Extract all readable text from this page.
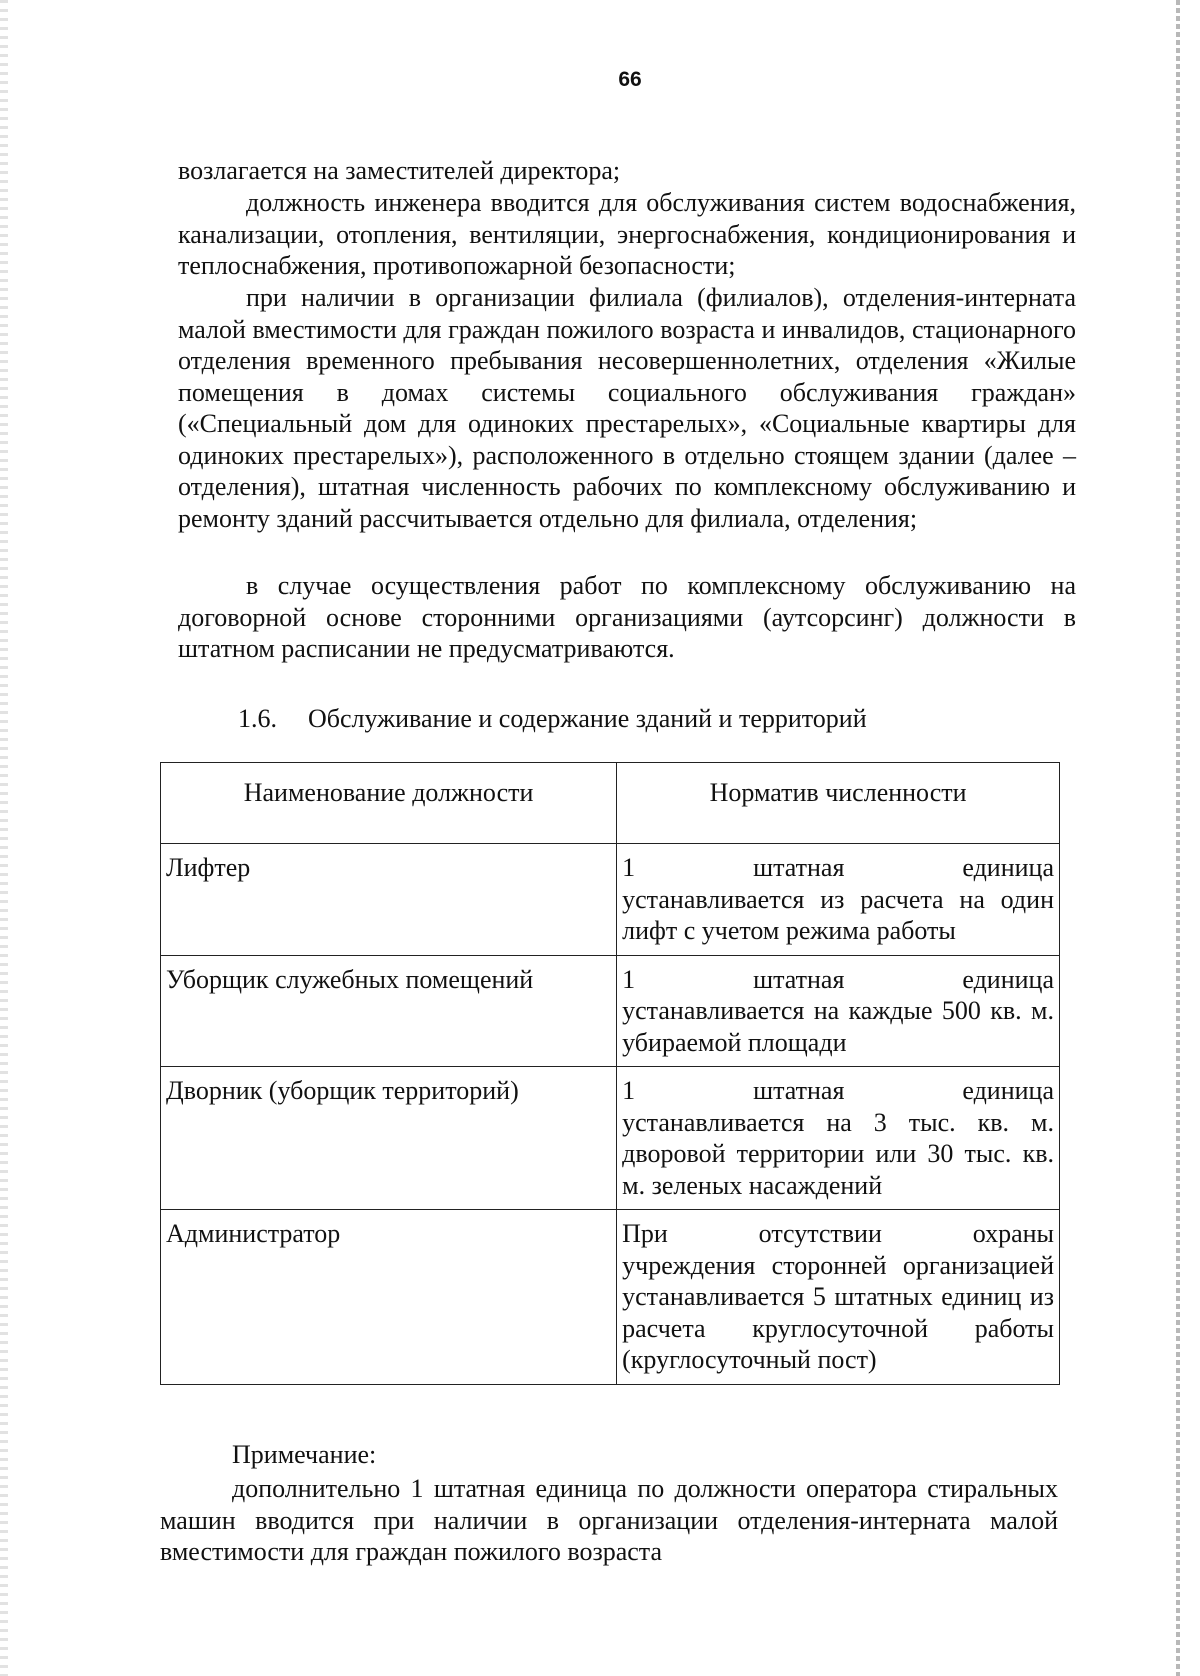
66

возлагается на заместителей директора;

должность инженера вводится для обслуживания систем водоснабжения, канализации, отопления, вентиляции, энергоснабжения, кондиционирования и теплоснабжения, противопожарной безопасности;

при наличии в организации филиала (филиалов), отделения-интерната малой вместимости для граждан пожилого возраста и инвалидов, стационарного отделения временного пребывания несовершеннолетних, отделения «Жилые помещения в домах системы социального обслуживания граждан» («Специальный дом для одиноких престарелых», «Социальные квартиры для одиноких престарелых»), расположенного в отдельно стоящем здании (далее – отделения), штатная численность рабочих по комплексному обслуживанию и ремонту зданий рассчитывается отдельно для филиала, отделения;

в случае осуществления работ по комплексному обслуживанию на договорной основе сторонними организациями (аутсорсинг) должности в штатном расписании не предусматриваются.

1.6. Обслуживание и содержание зданий и территорий
Наименование должности	Норматив численности
Лифтер	1 штатная единица
устанавливается из расчета на один лифт с учетом режима работы
Уборщик служебных помещений	1 штатная единица
устанавливается на каждые 500 кв. м. убираемой площади
Дворник (уборщик территорий)	1 штатная единица
устанавливается на 3 тыс. кв. м. дворовой территории или 30 тыс. кв. м. зеленых насаждений
Администратор	При отсутствии охраны
учреждения сторонней организацией устанавливается 5 штатных единиц из расчета круглосуточной работы (круглосуточный пост)
Примечание:

дополнительно 1 штатная единица по должности оператора стиральных машин вводится при наличии в организации отделения-интерната малой вместимости для граждан пожилого возраста
